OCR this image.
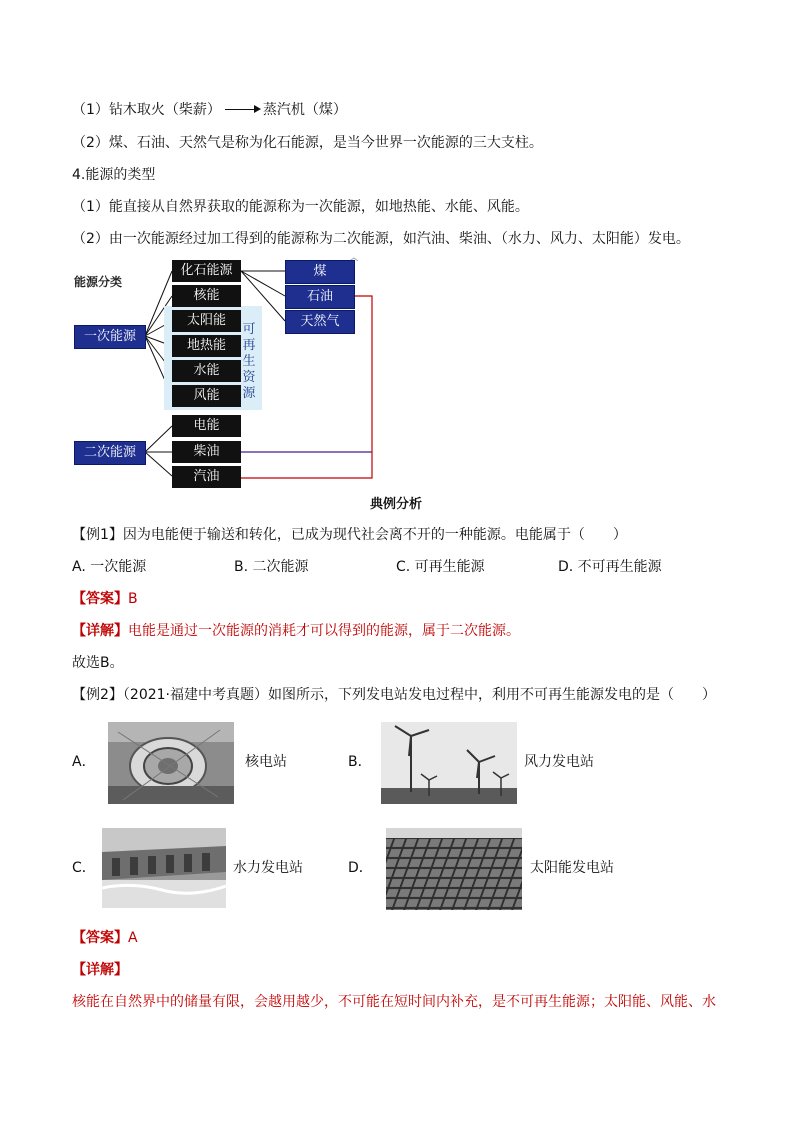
（1）钻木取火（柴薪）	蒸汽机（煤）
（2）煤、石油、天然气是称为化石能源，是当今世界一次能源的三大支柱。
4.能源的类型
（1）能直接从自然界获取的能源称为一次能源，如地热能、水能、风能。
（2）由一次能源经过加工得到的能源称为二次能源，如汽油、柴油、（水力、风力、太阳能）发电。
能源分类
可再生资源
一次能源
二次能源
化石能源
核能
太阳能
地热能
水能
风能
煤
石油
天然气
电能
柴油
汽油
典例分析
【例1】因为电能便于输送和转化，已成为现代社会离不开的一种能源。电能属于（　　）
A. 一次能源	B. 二次能源	C. 可再生能源	D. 不可再生能源
【答案】B
【详解】电能是通过一次能源的消耗才可以得到的能源，属于二次能源。
故选B。
【例2】（2021·福建中考真题）如图所示，下列发电站发电过程中，利用不可再生能源发电的是（　　）
A．	核电站	B．	风力发电站
C．	水力发电站	D．	太阳能发电站
【答案】A
【详解】
核能在自然界中的储量有限，会越用越少，不可能在短时间内补充，是不可再生能源；太阳能、风能、水
